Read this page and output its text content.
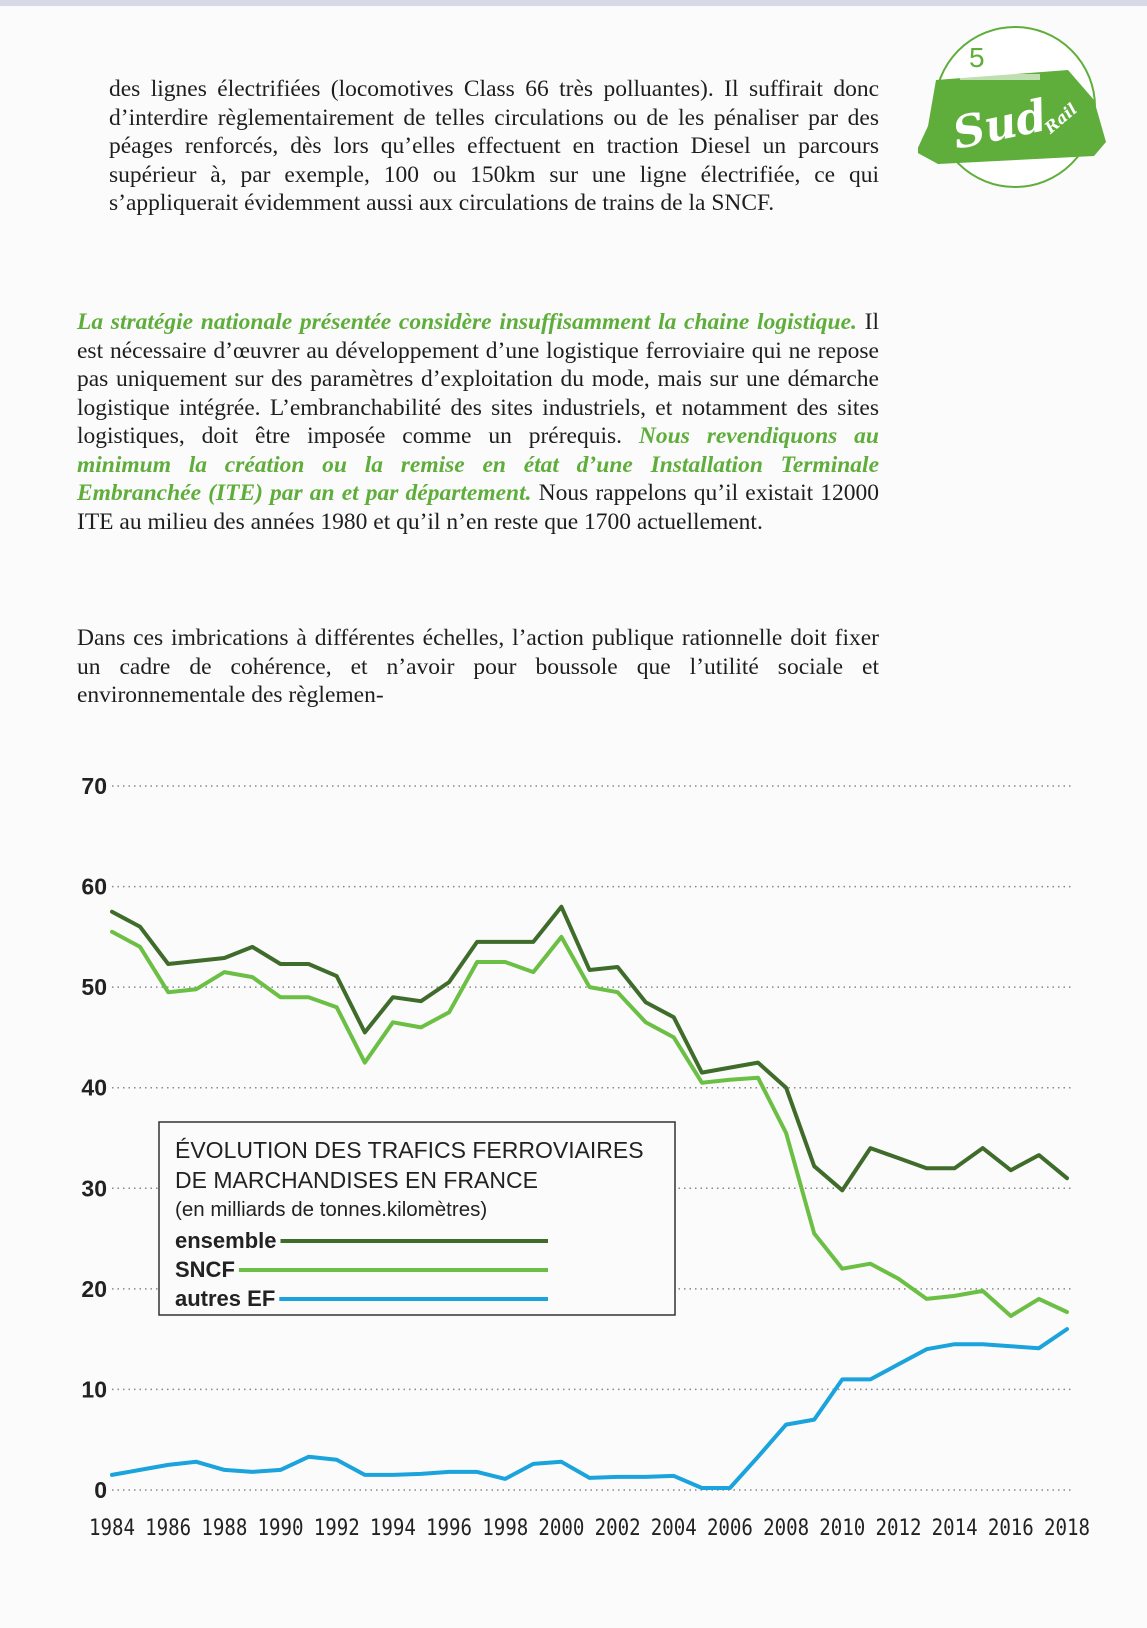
5
Sud
Rail

des lignes électrifiées (locomotives Class 66 très polluantes). Il suffirait donc d’interdire règlementairement de telles circulations ou de les pénaliser par des péages renforcés, dès lors qu’elles effectuent en traction Diesel un parcours supérieur à, par exemple, 100 ou 150km sur une ligne électrifiée, ce qui s’appliquerait évidemment aussi aux circulations de trains de la SNCF.

La stratégie nationale présentée considère insuffisamment la chaine logistique. Il est nécessaire d’œuvrer au développement d’une logistique ferroviaire qui ne repose pas uniquement sur des paramètres d’exploitation du mode, mais sur une démarche logistique intégrée. L’embranchabilité des sites industriels, et notamment des sites logistiques, doit être imposée comme un prérequis. Nous revendiquons au minimum la création ou la remise en état d’une Installation Terminale Embranchée (ITE) par an et par département. Nous rappelons qu’il existait 12000 ITE au milieu des années 1980 et qu’il n’en reste que 1700 actuellement.

Dans ces imbrications à différentes échelles, l’action publique rationnelle doit fixer un cadre de cohérence, et n’avoir pour boussole que l’utilité sociale et environnementale des règlemen-

0
10
20
30
40
50
60
70
1984 1986 1988 1990 1992 1994 1996 1998 2000 2002 2004 2006 2008 2010 2012 2014 2016 2018
ÉVOLUTION DES TRAFICS FERROVIAIRES
DE MARCHANDISES EN FRANCE
(en milliards de tonnes.kilomètres)
ensemble
SNCF
autres EF
